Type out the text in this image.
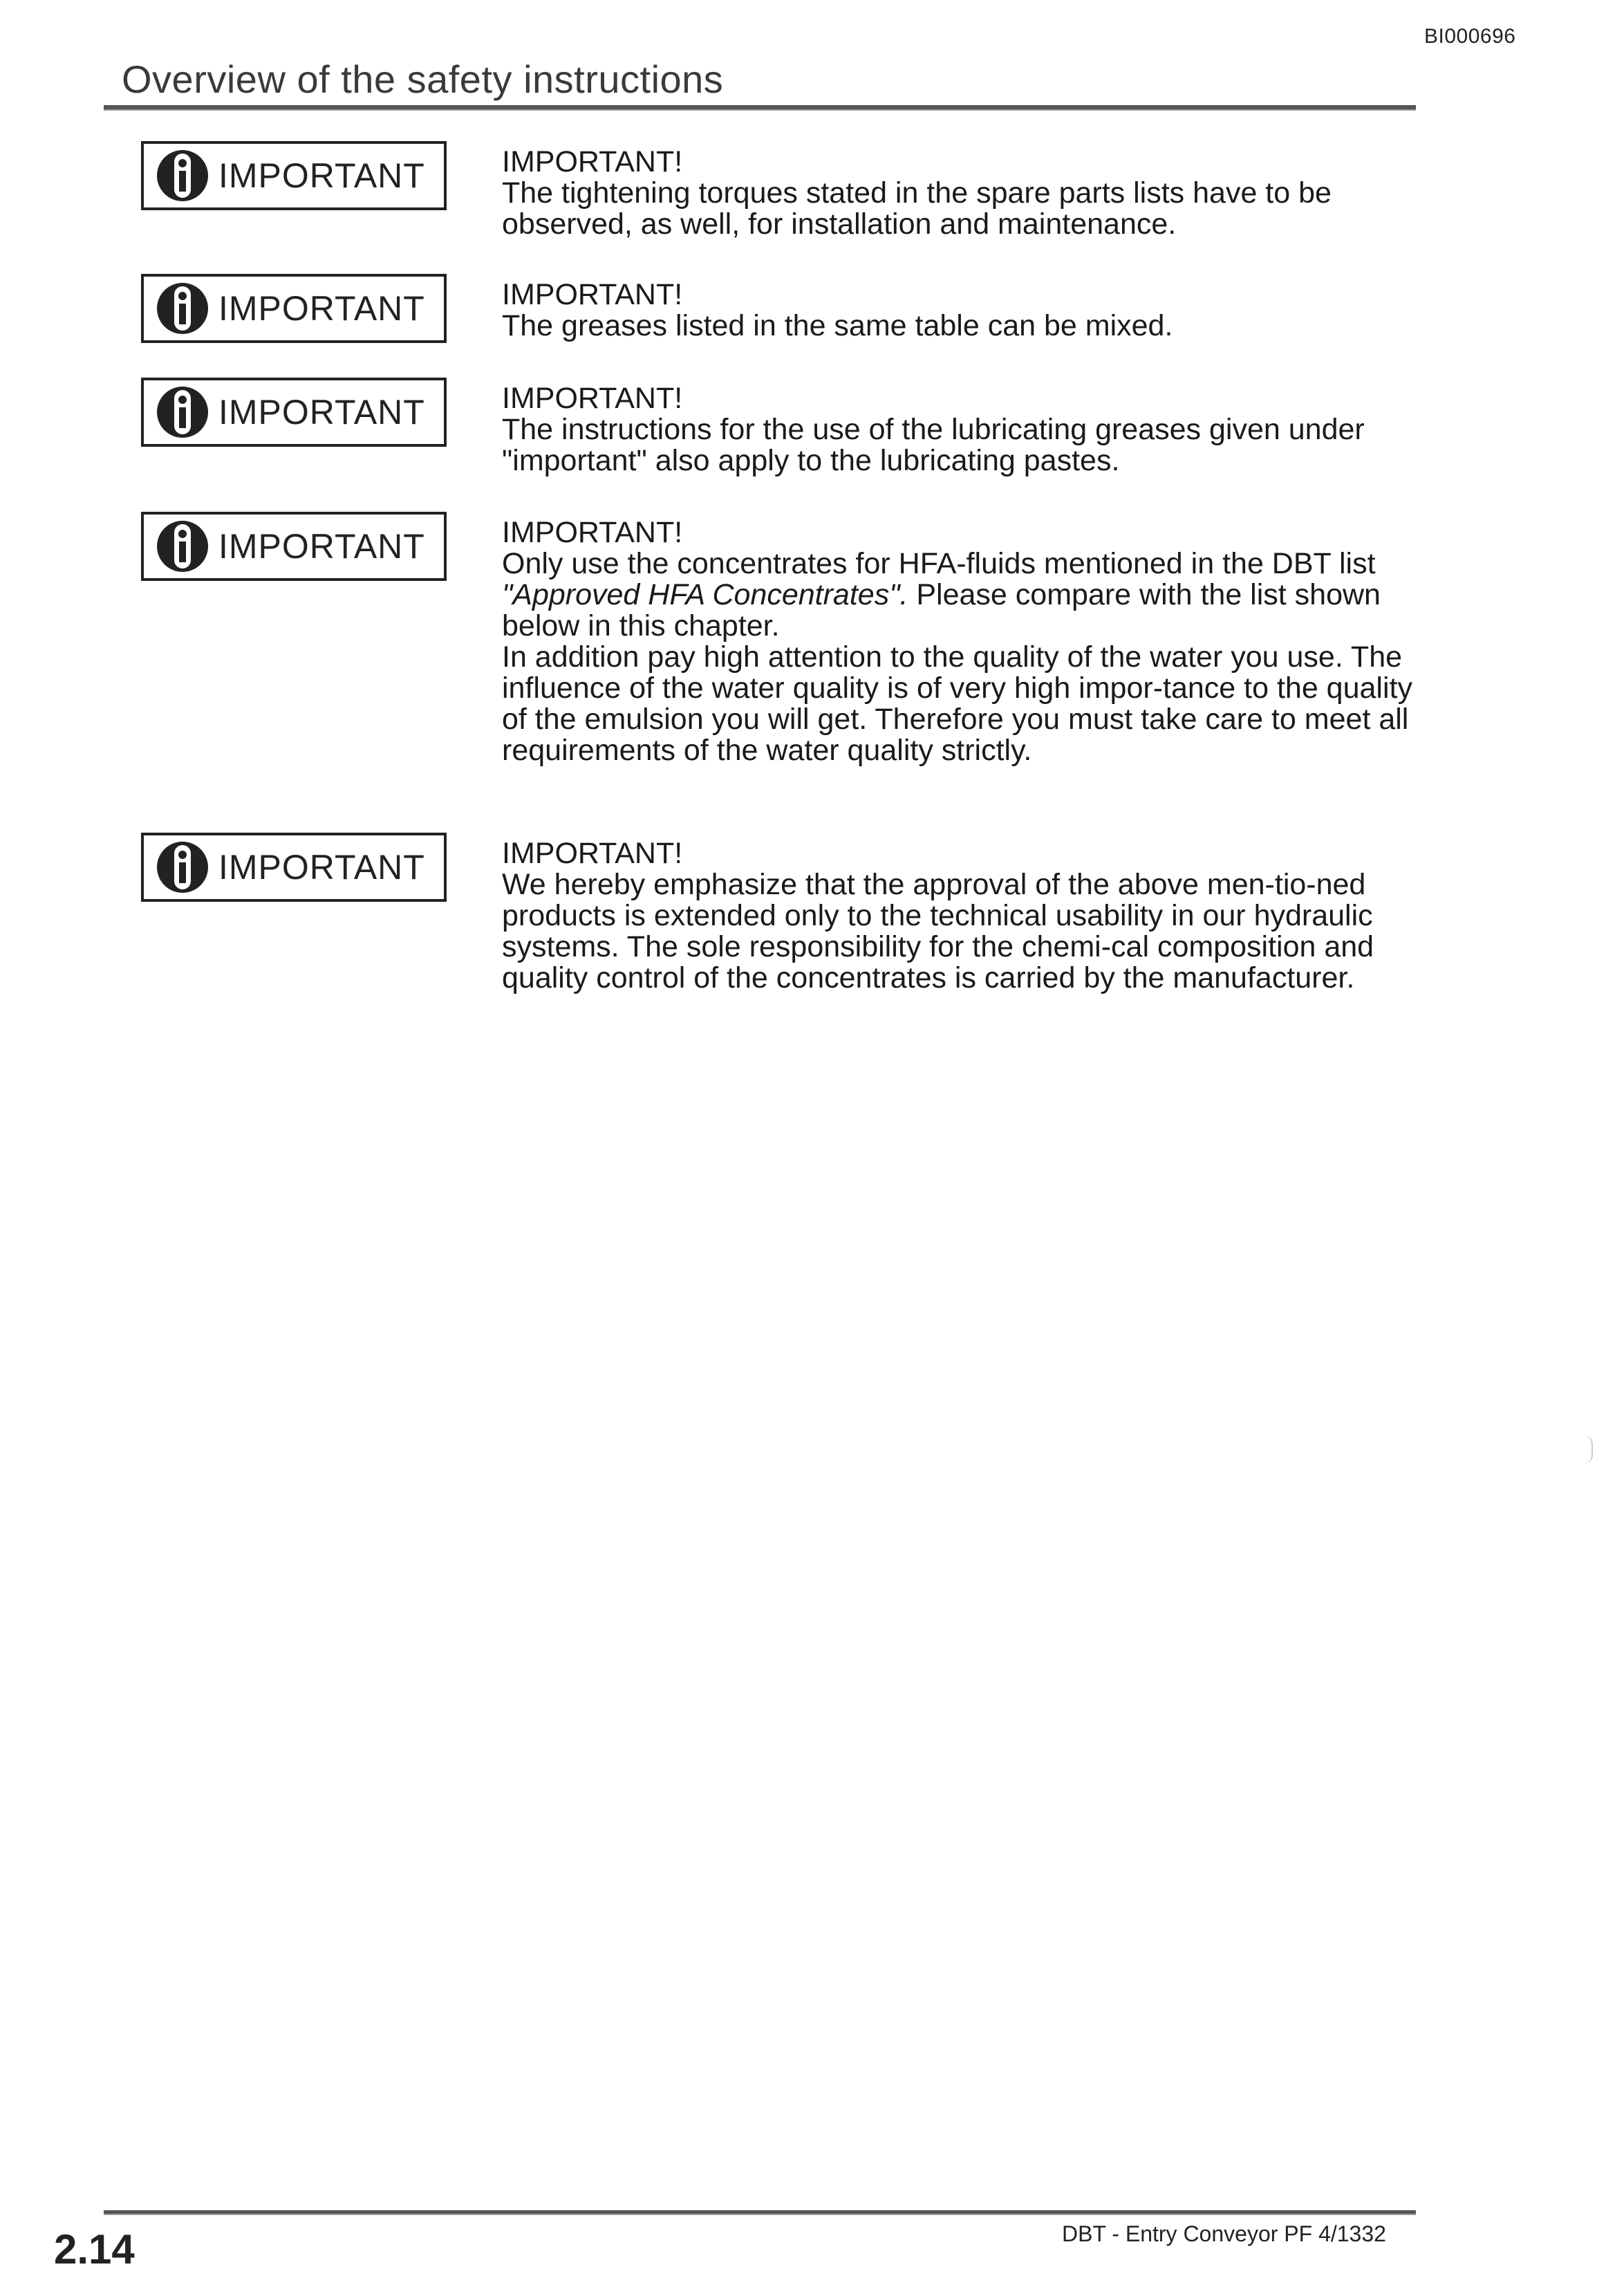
BI000696
Overview of the safety instructions
IMPORTANT	IMPORTANT!
The tightening torques stated in the spare parts lists have to be observed, as well, for installation and maintenance.
IMPORTANT	IMPORTANT!
The greases listed in the same table can be mixed.
IMPORTANT	IMPORTANT!
The instructions for the use of the lubricating greases given under "important" also apply to the lubricating pastes.
IMPORTANT	IMPORTANT!
Only use the concentrates for HFA-fluids mentioned in the DBT list "Approved HFA Concentrates". Please compare with the list shown below in this chapter.
In addition pay high attention to the quality of the water you use. The influence of the water quality is of very high impor-tance to the quality of the emulsion you will get. Therefore you must take care to meet all requirements of the water quality strictly.
IMPORTANT	IMPORTANT!
We hereby emphasize that the approval of the above men-tio-ned products is extended only to the technical usability in our hydraulic systems. The sole responsibility for the chemi-cal composition and quality control of the concentrates is carried by the manufacturer.
2.14	DBT - Entry Conveyor PF 4/1332
